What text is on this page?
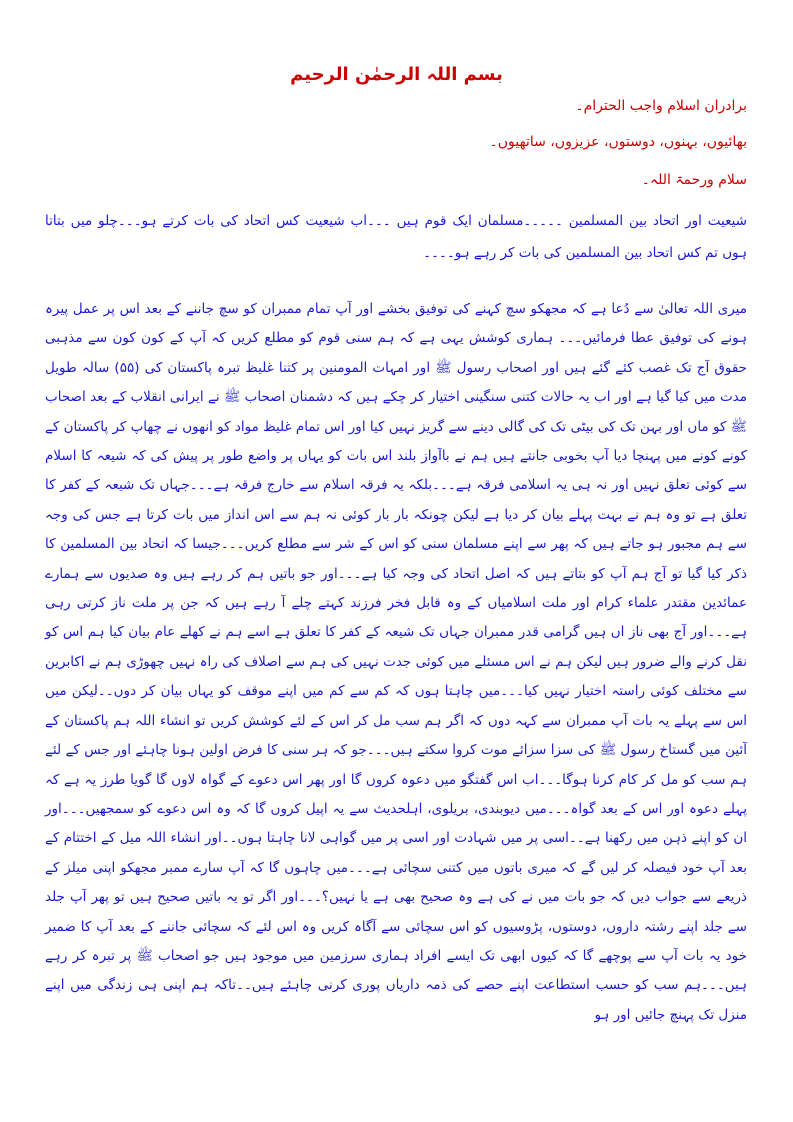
بسم اللہ الرحمٰن الرحیم

برادران اسلام واجب الحترام۔

بھائیوں، بہنوں، دوستوں، عزیزوں، ساتھیوں۔

سلام ورحمۃ اللہ۔

شیعیت اور اتحاد بین المسلمین ۔۔۔۔۔مسلمان ایک قوم ہیں ۔۔۔اب شیعیت کس اتحاد کی بات کرتے ہو۔۔۔چلو میں بتاتا ہوں تم کس اتحاد بین المسلمین کی بات کر رہے ہو۔۔۔۔

میری اللہ تعالیٰ سے دُعا ہے کہ مجھکو سچ کہنے کی توفیق بخشے اور آپ تمام ممبران کو سچ جاننے کے بعد اس پر عمل پیرہ ہونے کی توفیق عطا فرمائیں۔۔۔ ہماری کوشش یہی ہے کہ ہم سنی قوم کو مطلع کریں کہ آپ کے کون کون سے مذہبی حقوق آج تک غصب کئے گئے ہیں اور اصحاب رسول ﷺ اور امہات المومنین پر کتنا غلیظ تبرہ پاکستان کی (۵۵) سالہ طویل مدت میں کیا گیا ہے اور اب یہ حالات کتنی سنگینی اختیار کر چکے ہیں کہ دشمنان اصحاب ﷺ نے ایرانی انقلاب کے بعد اصحاب ﷺ کو ماں اور بہن تک کی بیٹی تک کی گالی دینے سے گریز نہیں کیا اور اس تمام غلیظ مواد کو انھوں نے چھاپ کر پاکستان کے کونے کونے میں پہنچا دیا آپ بخوبی جانتے ہیں ہم نے باآواز بلند اس بات کو یہاں پر واضع طور پر پیش کی کہ شیعہ کا اسلام سے کوئی تعلق نہیں اور نہ ہی یہ اسلامی فرقہ ہے۔۔۔بلکہ یہ فرقہ اسلام سے خارج فرقہ ہے۔۔۔جہاں تک شیعہ کے کفر کا تعلق ہے تو وہ ہم نے بہت پہلے بیان کر دیا ہے لیکن چونکہ بار بار کوئی نہ ہم سے اس انداز میں بات کرتا ہے جس کی وجہ سے ہم مجبور ہو جاتے ہیں کہ پھر سے اپنے مسلمان سنی کو اس کے شر سے مطلع کریں۔۔۔جیسا کہ اتحاد بین المسلمین کا ذکر کیا گیا تو آج ہم آپ کو بتاتے ہیں کہ اصل اتحاد کی وجہ کیا ہے۔۔۔اور جو باتیں ہم کر رہے ہیں وہ صدیوں سے ہمارے عمائدین مقتدر علماء کرام اور ملت اسلامیاں کے وہ قابل فخر فرزند کہتے چلے آ رہے ہیں کہ جن پر ملت ناز کرتی رہی ہے۔۔۔اور آج بھی ناز اں ہیں گرامی قدر ممبران جہاں تک شیعہ کے کفر کا تعلق ہے اسے ہم نے کھلے عام بیان کیا ہم اس کو نقل کرنے والے ضرور ہیں لیکن ہم نے اس مسئلے میں کوئی جدت نہیں کی ہم سے اصلاف کی راہ نہیں چھوڑی ہم نے اکابرین سے مختلف کوئی راستہ اختیار نہیں کیا۔۔۔میں چاہتا ہوں کہ کم سے کم میں اپنے موقف کو یہاں بیان کر دوں۔۔لیکن میں اس سے پہلے یہ بات آپ ممبران سے کہہ دوں کہ اگر ہم سب مل کر اس کے لئے کوشش کریں تو انشاء اللہ ہم پاکستان کے آئین میں گستاخ رسول ﷺ کی سزا سزائے موت کروا سکتے ہیں۔۔۔جو کہ ہر سنی کا فرض اولین ہونا چاہئے اور جس کے لئے ہم سب کو مل کر کام کرنا ہوگا۔۔۔اب اس گفتگو میں دعوہ کروں گا اور پھر اس دعوے کے گواہ لاوں گا گویا طرز یہ ہے کہ پہلے دعوہ اور اس کے بعد گواہ۔۔۔میں دیوبندی، بریلوی، اہلحدیث سے یہ اپیل کروں گا کہ وہ اس دعوے کو سمجھیں۔۔۔اور ان کو اپنے ذہن میں رکھنا ہے۔۔اسی پر میں شہادت اور اسی پر میں گواہی لانا چاہتا ہوں۔۔اور انشاء اللہ میل کے اختتام کے بعد آپ خود فیصلہ کر لیں گے کہ میری باتوں میں کتنی سچائی ہے۔۔۔میں چاہوں گا کہ آپ سارے ممبر مجھکو اپنی میلز کے ذریعے سے جواب دیں کہ جو بات میں نے کی ہے وہ صحیح بھی ہے یا نہیں؟۔۔۔اور اگر تو یہ باتیں صحیح ہیں تو پھر آپ جلد سے جلد اپنے رشتہ داروں، دوستوں، پڑوسیوں کو اس سچائی سے آگاہ کریں وہ اس لئے کہ سچائی جاننے کے بعد آپ کا ضمیر خود یہ بات آپ سے پوچھے گا کہ کیوں ابھی تک ایسے افراد ہماری سرزمین میں موجود ہیں جو اصحاب ﷺ پر تبرہ کر رہے ہیں۔۔۔ہم سب کو حسب استطاعت اپنے حصے کی ذمہ داریاں پوری کرنی چاہئے ہیں۔۔تاکہ ہم اپنی ہی زندگی میں اپنے منزل تک پہنچ جائیں اور ہو
